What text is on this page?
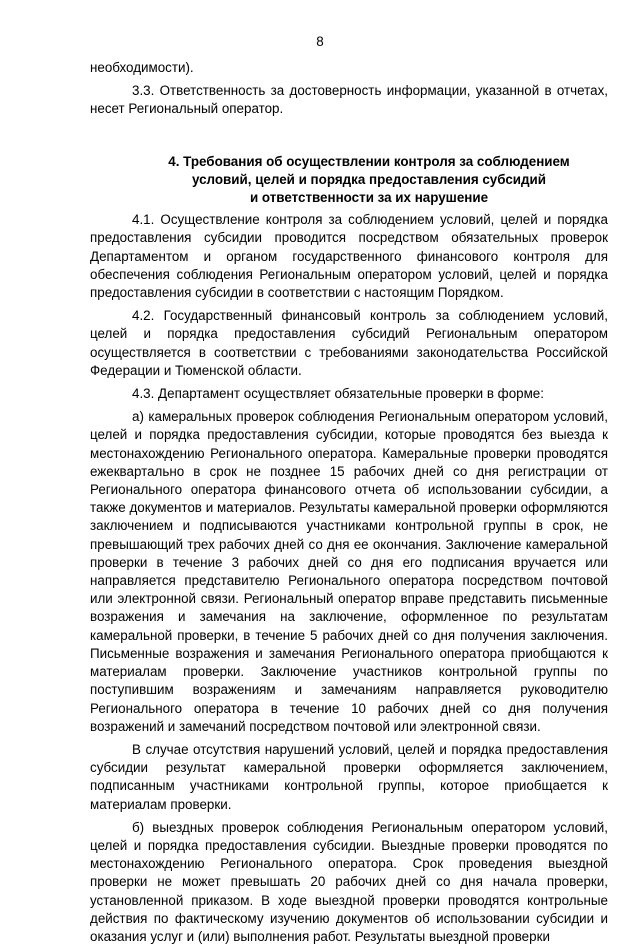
8

необходимости).

3.3. Ответственность за достоверность информации, указанной в отчетах, несет Региональный оператор.

4. Требования об осуществлении контроля за соблюдением
условий, целей и порядка предоставления субсидий
и ответственности за их нарушение

4.1. Осуществление контроля за соблюдением условий, целей и порядка предоставления субсидии проводится посредством обязательных проверок Департаментом и органом государственного финансового контроля для обеспечения соблюдения Региональным оператором условий, целей и порядка предоставления субсидии в соответствии с настоящим Порядком.

4.2. Государственный финансовый контроль за соблюдением условий, целей и порядка предоставления субсидий Региональным оператором осуществляется в соответствии с требованиями законодательства Российской Федерации и Тюменской области.

4.3. Департамент осуществляет обязательные проверки в форме:

а) камеральных проверок соблюдения Региональным оператором условий, целей и порядка предоставления субсидии, которые проводятся без выезда к местонахождению Регионального оператора. Камеральные проверки проводятся ежеквартально в срок не позднее 15 рабочих дней со дня регистрации от Регионального оператора финансового отчета об использовании субсидии, а также документов и материалов. Результаты камеральной проверки оформляются заключением и подписываются участниками контрольной группы в срок, не превышающий трех рабочих дней со дня ее окончания. Заключение камеральной проверки в течение 3 рабочих дней со дня его подписания вручается или направляется представителю Регионального оператора посредством почтовой или электронной связи. Региональный оператор вправе представить письменные возражения и замечания на заключение, оформленное по результатам камеральной проверки, в течение 5 рабочих дней со дня получения заключения. Письменные возражения и замечания Регионального оператора приобщаются к материалам проверки. Заключение участников контрольной группы по поступившим возражениям и замечаниям направляется руководителю Регионального оператора в течение 10 рабочих дней со дня получения возражений и замечаний посредством почтовой или электронной связи.

В случае отсутствия нарушений условий, целей и порядка предоставления субсидии результат камеральной проверки оформляется заключением, подписанным участниками контрольной группы, которое приобщается к материалам проверки.

б) выездных проверок соблюдения Региональным оператором условий, целей и порядка предоставления субсидии. Выездные проверки проводятся по местонахождению Регионального оператора. Срок проведения выездной проверки не может превышать 20 рабочих дней со дня начала проверки, установленной приказом. В ходе выездной проверки проводятся контрольные действия по фактическому изучению документов об использовании субсидии и оказания услуг и (или) выполнения работ. Результаты выездной проверки
